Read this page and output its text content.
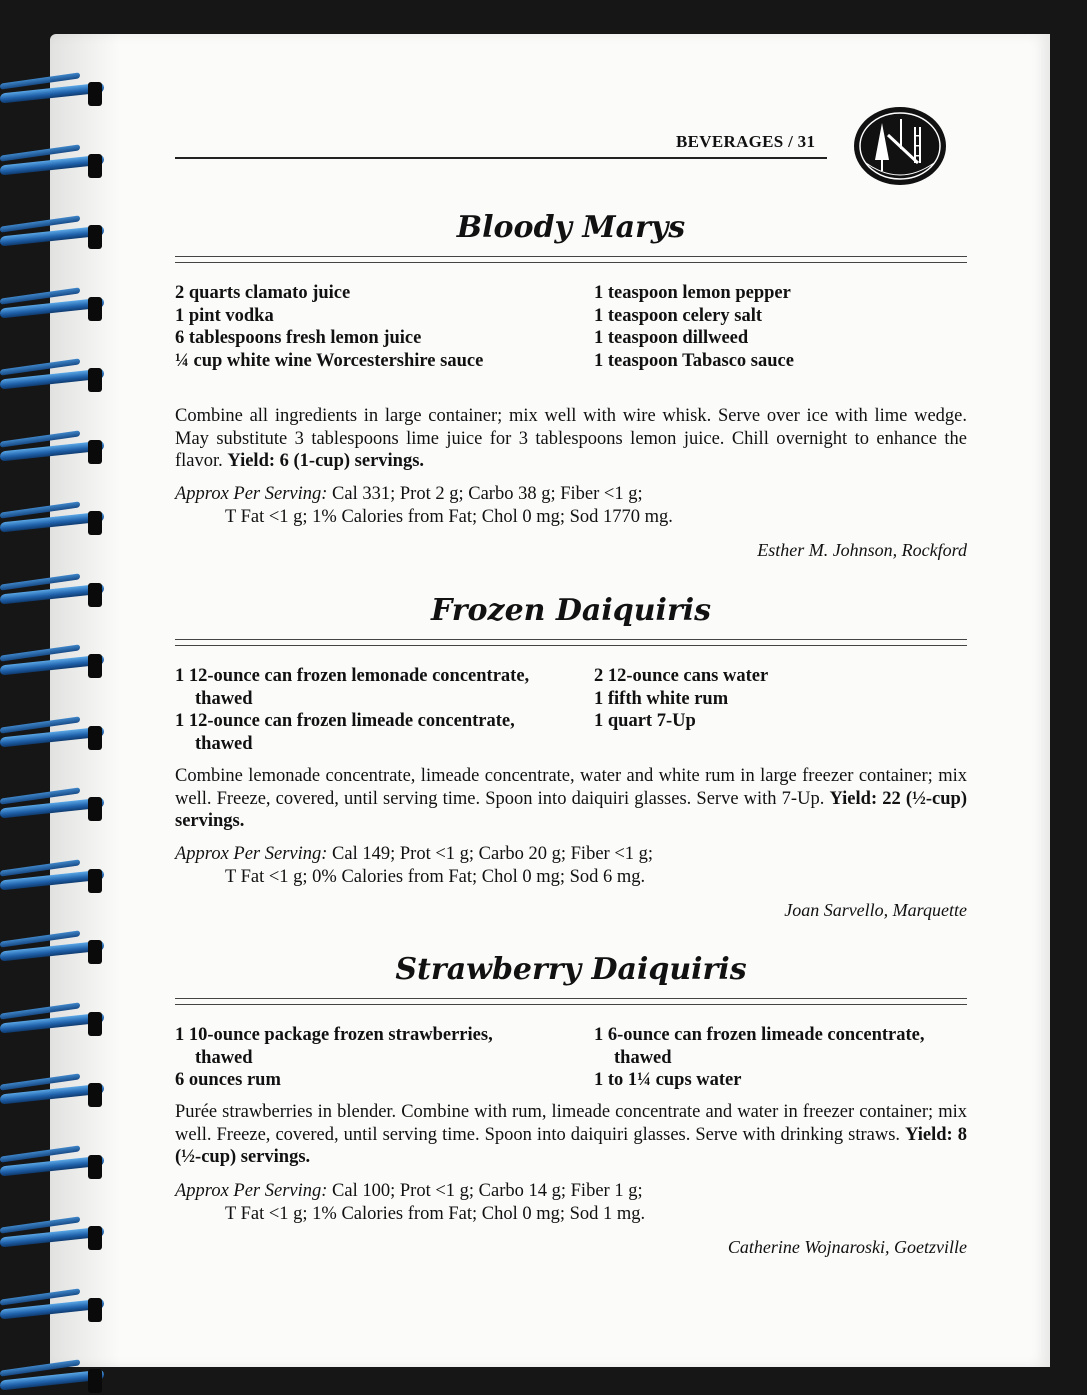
BEVERAGES / 31
Bloody Marys
2 quarts clamato juice
1 pint vodka
6 tablespoons fresh lemon juice
¼ cup white wine Worcestershire sauce
1 teaspoon lemon pepper
1 teaspoon celery salt
1 teaspoon dillweed
1 teaspoon Tabasco sauce

Combine all ingredients in large container; mix well with wire whisk. Serve over ice with lime wedge. May substitute 3 tablespoons lime juice for 3 tablespoons lemon juice. Chill overnight to enhance the flavor. Yield: 6 (1-cup) servings.

Approx Per Serving: Cal 331; Prot 2 g; Carbo 38 g; Fiber <1 g;
T Fat <1 g; 1% Calories from Fat; Chol 0 mg; Sod 1770 mg.

Esther M. Johnson, Rockford

Frozen Daiquiris
1 12-ounce can frozen lemonade concentrate, thawed
1 12-ounce can frozen limeade concentrate, thawed
2 12-ounce cans water
1 fifth white rum
1 quart 7-Up

Combine lemonade concentrate, limeade concentrate, water and white rum in large freezer container; mix well. Freeze, covered, until serving time. Spoon into daiquiri glasses. Serve with 7-Up. Yield: 22 (½-cup) servings.

Approx Per Serving: Cal 149; Prot <1 g; Carbo 20 g; Fiber <1 g;
T Fat <1 g; 0% Calories from Fat; Chol 0 mg; Sod 6 mg.

Joan Sarvello, Marquette

Strawberry Daiquiris
1 10-ounce package frozen strawberries, thawed
6 ounces rum
1 6-ounce can frozen limeade concentrate, thawed
1 to 1¼ cups water

Purée strawberries in blender. Combine with rum, limeade concentrate and water in freezer container; mix well. Freeze, covered, until serving time. Spoon into daiquiri glasses. Serve with drinking straws. Yield: 8 (½-cup) servings.

Approx Per Serving: Cal 100; Prot <1 g; Carbo 14 g; Fiber 1 g;
T Fat <1 g; 1% Calories from Fat; Chol 0 mg; Sod 1 mg.

Catherine Wojnaroski, Goetzville
